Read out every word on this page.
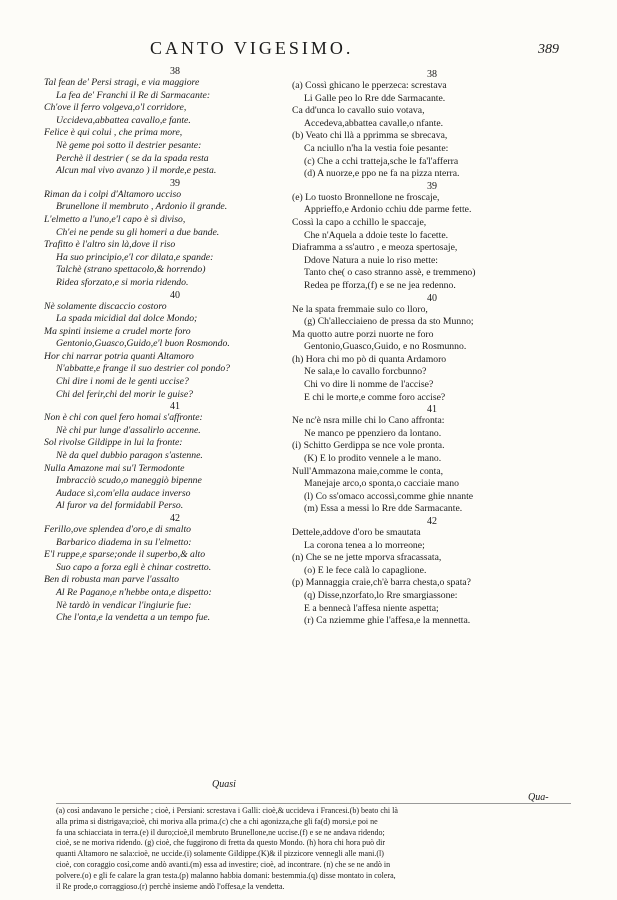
CANTO VIGESIMO.	389
38
Tal fean de' Persi stragi, e via maggiore
La fea de' Franchi il Re di Sarmacante:
Ch'ove il ferro volgeva,o'l corridore,
Uccideva,abbattea cavallo,e fante.
Felice è qui colui , che prima more,
Nè geme poi sotto il destrier pesante:
Perchè il destrier ( se da la spada resta
Alcun mal vivo avanzo ) il morde,e pesta.
39
Riman da i colpi d'Altamoro ucciso
Brunellone il membruto , Ardonio il grande.
L'elmetto a l'uno,e'l capo è sì diviso,
Ch'ei ne pende su gli homeri a due bande.
Trafitto è l'altro sin là,dove il riso
Ha suo principio,e'l cor dilata,e spande:
Talchè (strano spettacolo,& horrendo)
Ridea sforzato,e si moria ridendo.
40
Nè solamente discaccio costoro
La spada micidial dal dolce Mondo;
Ma spinti insieme a crudel morte foro
Gentonio,Guasco,Guido,e'l buon Rosmondo.
Hor chi narrar potria quanti Altamoro
N'abbatte,e frange il suo destrier col pondo?
Chi dire i nomi de le genti uccise?
Chi del ferir,chi del morir le guise?
41
Non è chi con quel fero homai s'affronte:
Nè chi pur lunge d'assalirlo accenne.
Sol rivolse Gildippe in lui la fronte:
Nè da quel dubbio paragon s'astenne.
Nulla Amazone mai su'l Termodonte
Imbracciò scudo,o maneggiò bipenne
Audace sì,com'ella audace inverso
Al furor va del formidabil Perso.
42
Ferillo,ove splendea d'oro,e di smalto
Barbarico diadema in su l'elmetto:
E'l ruppe,e sparse;onde il superbo,& alto
Suo capo a forza egli è chinar costretto.
Ben di robusta man parve l'assalto
Al Re Pagano,e n'hebbe onta,e dispetto:
Nè tardò in vendicar l'ingiurie fue:
Che l'onta,e la vendetta a un tempo fue.
38
(a) Cossì ghicano le pperzeca: screstava
Li Galle peo lo Rre dde Sarmacante.
Ca dd'unca lo cavallo suio votava,
Accedeva,abbattea cavalle,o nfante.
(b) Veato chi llà a pprimma se sbrecava,
Ca nciullo n'ha la vestia foie pesante:
(c) Che a cchi tratteja,sche le fa'l'afferra
(d) A nuorze,e ppo ne fa na pizza nterra.
39
(e) Lo tuosto Bronnellone ne froscaje,
Apprieffo,e Ardonio cchiu dde parme fette.
Cossì la capo a cchillo le spaccaje,
Che n'Aquela a ddoie teste lo facette.
Diaframma a ss'autro , e meoza spertosaje,
Ddove Natura a nuie lo riso mette:
Tanto che( o caso stranno assè, e tremmeno)
Redea pe fforza,(f) e se ne jea redenno.
40
Ne la spata fremmaie sulo co lloro,
(g) Ch'allecciaieno de pressa da sto Munno;
Ma quotto autre porzi nuorte ne foro
Gentonio,Guasco,Guido, e no Rosmunno.
(h) Hora chi mo pò di quanta Ardamoro
Ne sala,e lo cavallo forcbunno?
Chi vo dire li nomme de l'accise?
E chi le morte,e comme foro accise?
41
Ne nc'è nsra mille chi lo Cano affronta:
Ne manco pe ppenziero da lontano.
(i) Schitto Gerdippa se nce vole pronta.
(K) E lo prodito vennele a le mano.
Null'Ammazona maie,comme le conta,
Manejaje arco,o sponta,o cacciaie mano
(l) Co ss'omaco accossì,comme ghie nnante
(m) Essa a messi lo Rre dde Sarmacante.
42
Dettele,addove d'oro be smautata
La corona tenea a lo morreone;
(n) Che se ne jette mporva sfracassata,
(o) E le fece calà lo capaglione.
(p) Mannaggia craie,ch'è barra chesta,o spata?
(q) Disse,nzorfato,lo Rre smargiassone:
E a bennecà l'affesa niente aspetta;
(r) Ca nziemme ghie l'affesa,e la mennetta.
Quasi
Qua-
(a) così andavano le persiche ; cioè, i Persiani: screstava i Galli: cioè,& uccideva i Francesi.(b) beato chi là
alla prima si distrigava;cioè, chi moriva alla prima.(c) che a chi agonizza,che gli fa(d) morsi,e poi ne
fa una schiacciata in terra.(e) il duro;cioè,il membruto Brunellone,ne uccise.(f) e se ne andava ridendo;
cioè, se ne moriva ridendo. (g) cioè, che fuggirono di fretta da questo Mondo. (h) hora chi hora può dir
quanti Altamoro ne sala:cioè, ne uccide.(i) solamente Gildippe.(K)& il pizzicore vennegli alle mani.(l)
cioè, con coraggio così,come andò avanti.(m) essa ad investire; cioè, ad incontrare. (n) che se ne andò in
polvere.(o) e gli fe calare la gran testa.(p) malanno habbia domani: bestemmia.(q) disse montato in colera,
il Re prode,o corraggioso.(r) perchè insieme andò l'offesa,e la vendetta.
